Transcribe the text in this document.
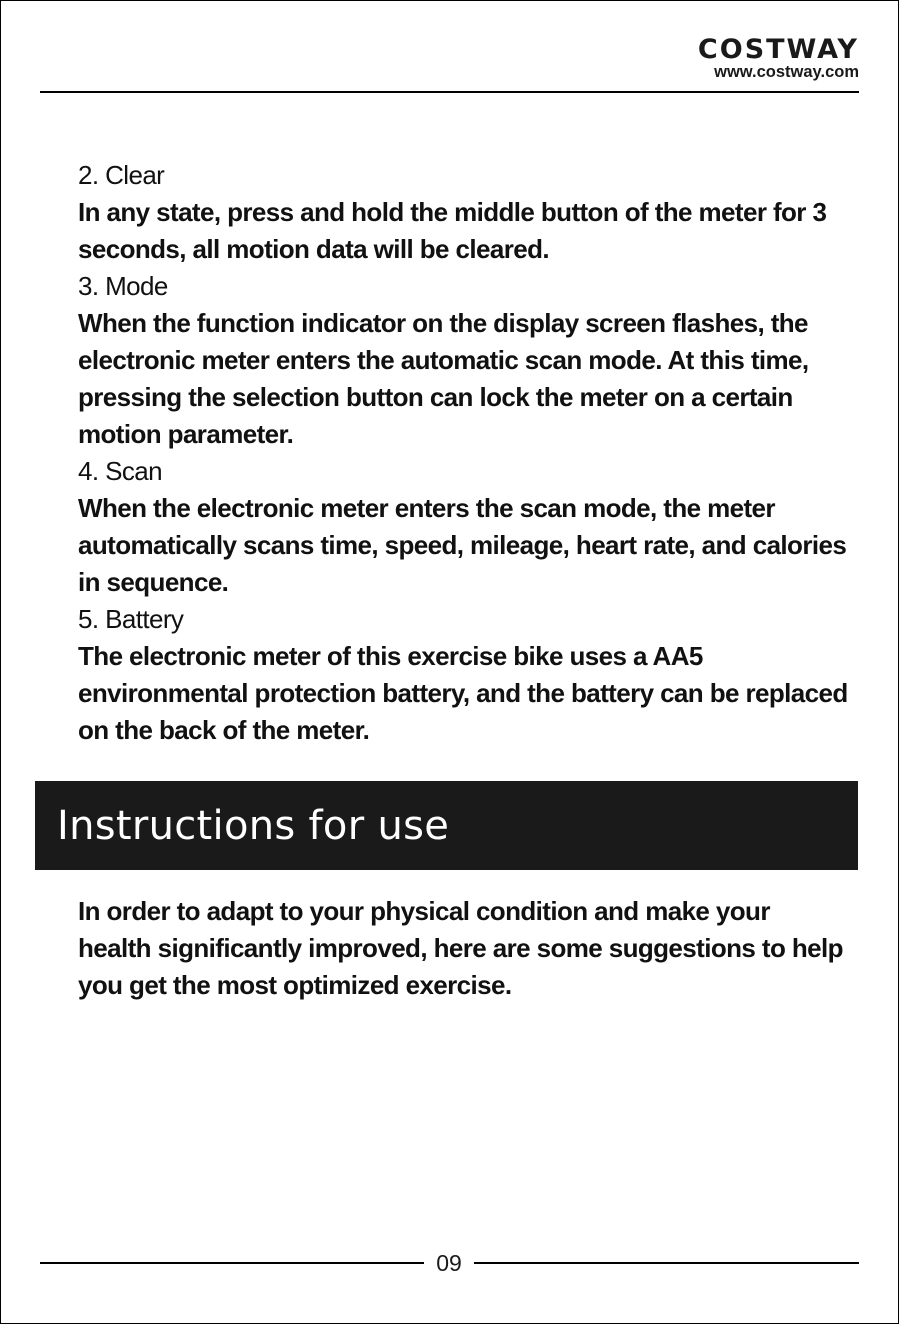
COSTWAY
www.costway.com

2. Clear

In any state, press and hold the middle button of the meter for 3 seconds, all motion data will be cleared.

3. Mode

When the function indicator on the display screen flashes, the electronic meter enters the automatic scan mode. At this time, pressing the selection button can lock the meter on a certain motion parameter.

4. Scan

When the electronic meter enters the scan mode, the meter automatically scans time, speed, mileage, heart rate, and calories in sequence.

5. Battery

The electronic meter of this exercise bike uses a AA5 environmental protection battery, and the battery can be replaced on the back of the meter.

Instructions for use

In order to adapt to your physical condition and make your health significantly improved, here are some suggestions to help you get the most optimized exercise.

09
